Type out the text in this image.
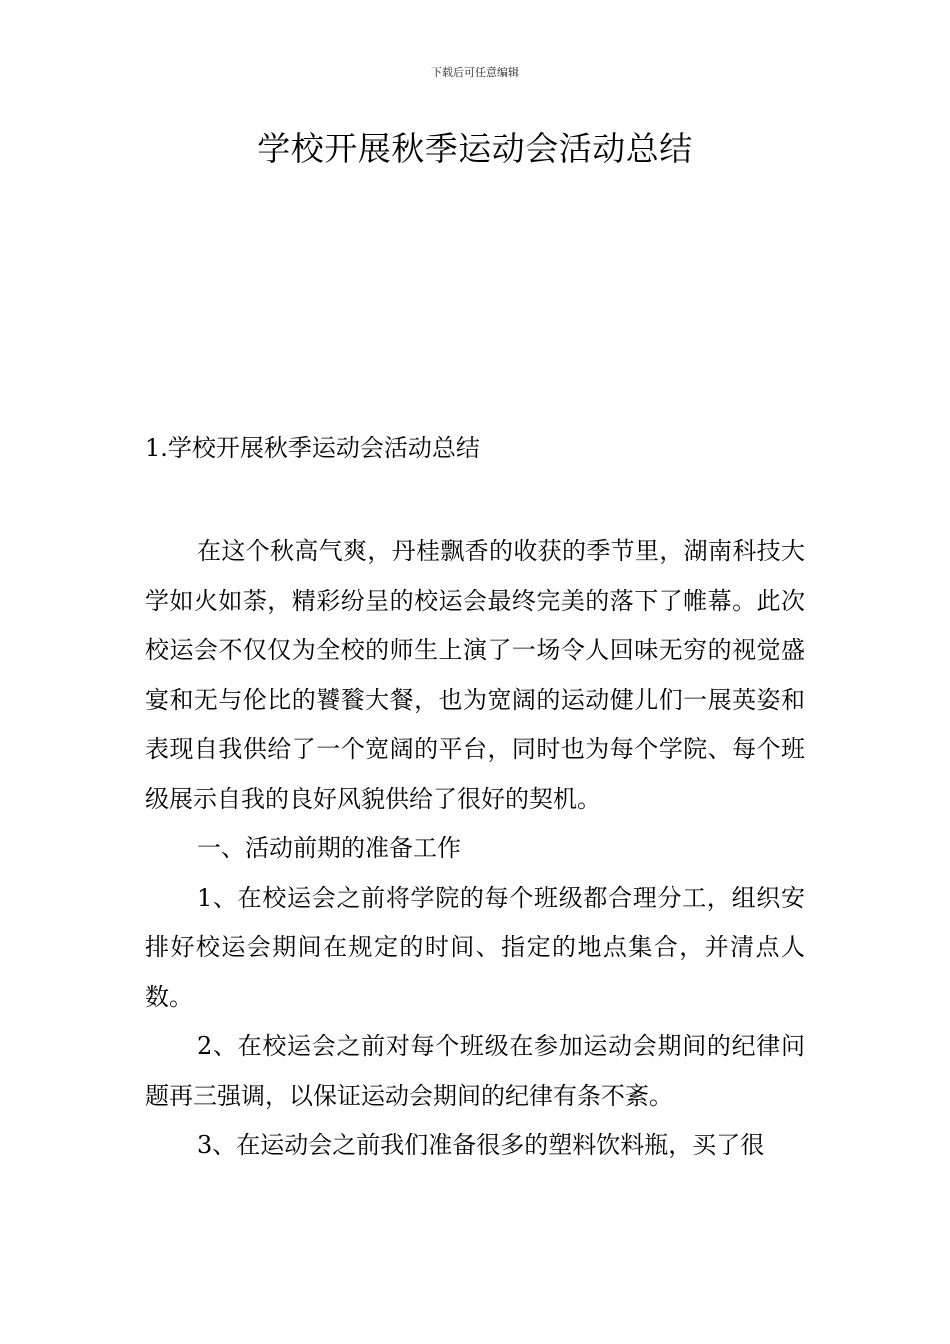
下载后可任意编辑
学校开展秋季运动会活动总结
1.学校开展秋季运动会活动总结

在这个秋高气爽，丹桂飘香的收获的季节里，湖南科技大学如火如荼，精彩纷呈的校运会最终完美的落下了帷幕。此次校运会不仅仅为全校的师生上演了一场令人回味无穷的视觉盛宴和无与伦比的饕餮大餐，也为宽阔的运动健儿们一展英姿和表现自我供给了一个宽阔的平台，同时也为每个学院、每个班级展示自我的良好风貌供给了很好的契机。

一、活动前期的准备工作

1、在校运会之前将学院的每个班级都合理分工，组织安排好校运会期间在规定的时间、指定的地点集合，并清点人数。

2、在校运会之前对每个班级在参加运动会期间的纪律问题再三强调，以保证运动会期间的纪律有条不紊。

3、在运动会之前我们准备很多的塑料饮料瓶，买了很
